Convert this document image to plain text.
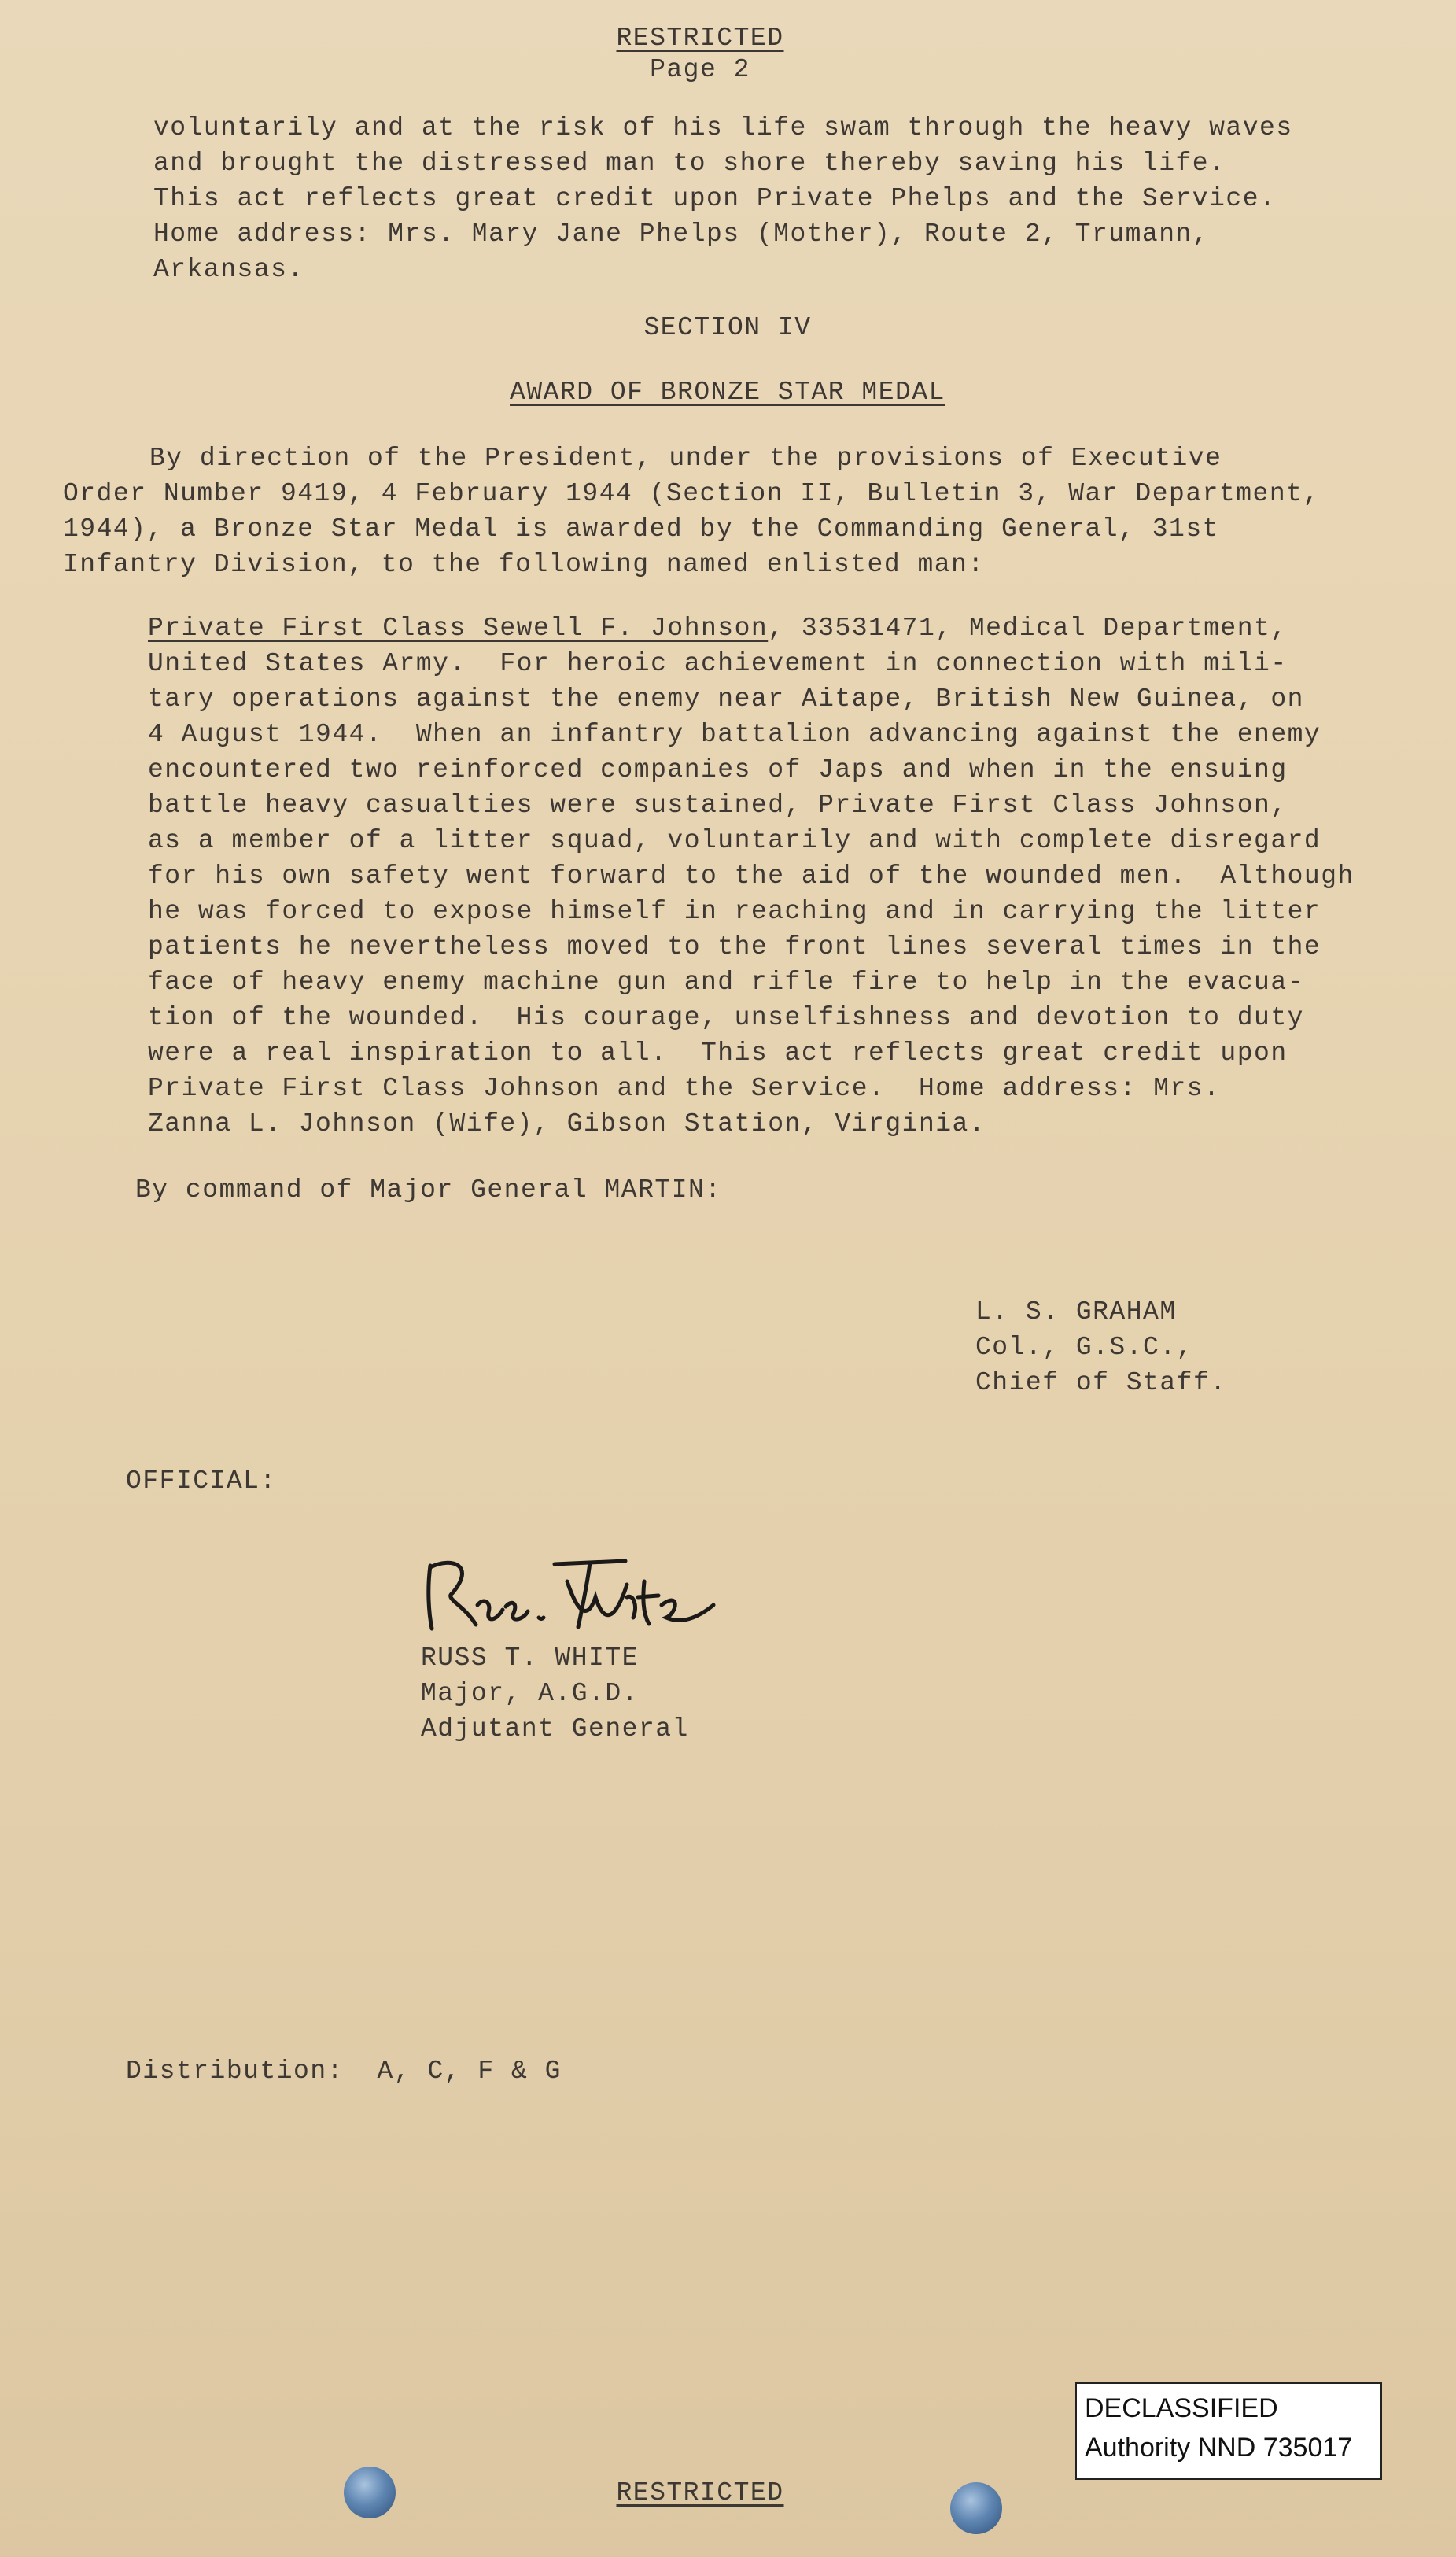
RESTRICTED
Page 2
voluntarily and at the risk of his life swam through the heavy waves
and brought the distressed man to shore thereby saving his life.
This act reflects great credit upon Private Phelps and the Service.
Home address: Mrs. Mary Jane Phelps (Mother), Route 2, Trumann,
Arkansas.
SECTION IV
AWARD OF BRONZE STAR MEDAL
By direction of the President, under the provisions of Executive
Order Number 9419, 4 February 1944 (Section II, Bulletin 3, War Department,
1944), a Bronze Star Medal is awarded by the Commanding General, 31st
Infantry Division, to the following named enlisted man:
Private First Class Sewell F. Johnson, 33531471, Medical Department,
United States Army.  For heroic achievement in connection with mili-
tary operations against the enemy near Aitape, British New Guinea, on
4 August 1944.  When an infantry battalion advancing against the enemy
encountered two reinforced companies of Japs and when in the ensuing
battle heavy casualties were sustained, Private First Class Johnson,
as a member of a litter squad, voluntarily and with complete disregard
for his own safety went forward to the aid of the wounded men.  Although
he was forced to expose himself in reaching and in carrying the litter
patients he nevertheless moved to the front lines several times in the
face of heavy enemy machine gun and rifle fire to help in the evacua-
tion of the wounded.  His courage, unselfishness and devotion to duty
were a real inspiration to all.  This act reflects great credit upon
Private First Class Johnson and the Service.  Home address: Mrs.
Zanna L. Johnson (Wife), Gibson Station, Virginia.
By command of Major General MARTIN:
L. S. GRAHAM
Col., G.S.C.,
Chief of Staff.
OFFICIAL:
RUSS T. WHITE
Major, A.G.D.
Adjutant General
Distribution:  A, C, F & G
DECLASSIFIED
Authority NND 735017
RESTRICTED
